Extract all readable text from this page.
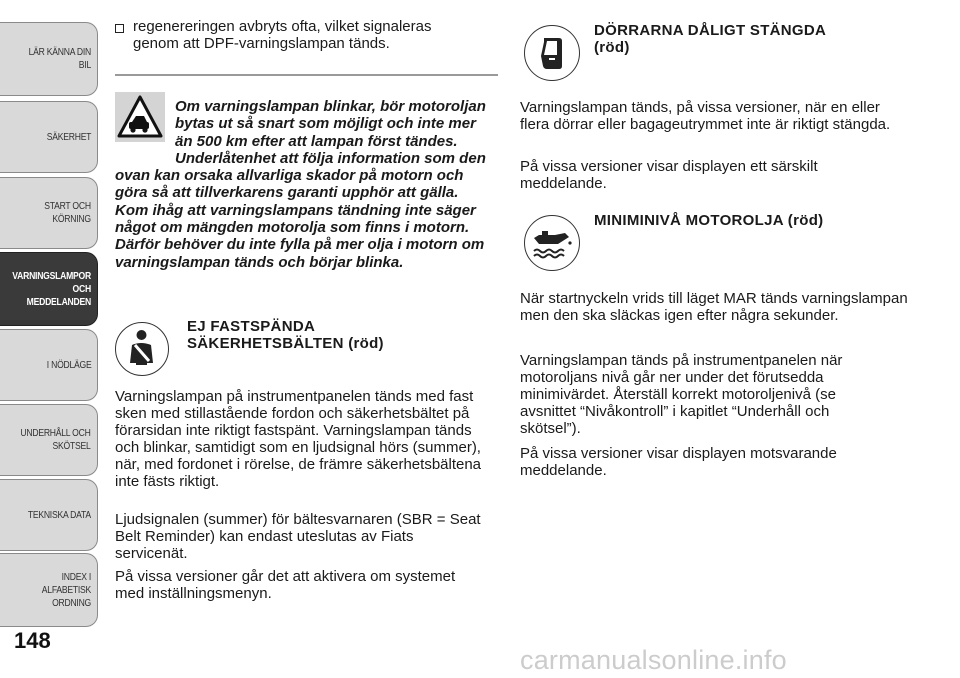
LÄR KÄNNA DIN BIL
SÄKERHET
START OCH
KÖRNING
VARNINGSLAMPOR
OCH
MEDDELANDEN
I NÖDLÄGE
UNDERHÅLL OCH
SKÖTSEL
TEKNISKA DATA
INDEX I ALFABETISK
ORDNING
148

regenereringen avbryts ofta, vilket signaleras genom att DPF-varningslampan tänds.

Om varningslampan blinkar, bör motoroljan bytas ut så snart som möjligt och inte mer än 500 km efter att lampan först tändes. Underlåtenhet att följa information som den ovan kan orsaka allvarliga skador på motorn och göra så att tillverkarens garanti upphör att gälla. Kom ihåg att varningslampans tändning inte säger något om mängden motorolja som finns i motorn. Därför behöver du inte fylla på mer olja i motorn om varningslampan tänds och börjar blinka.

EJ FASTSPÄNDA

SÄKERHETSBÄLTEN (röd)

Varningslampan på instrumentpanelen tänds med fast sken med stillastående fordon och säkerhetsbältet på förarsidan inte riktigt fastspänt. Varningslampan tänds och blinkar, samtidigt som en ljudsignal hörs (summer), när, med fordonet i rörelse, de främre säkerhetsbältena inte fästs riktigt.

Ljudsignalen (summer) för bältesvarnaren (SBR = Seat Belt Reminder) kan endast uteslutas av Fiats servicenät.

På vissa versioner går det att aktivera om systemet med inställningsmenyn.

DÖRRARNA DÅLIGT STÄNGDA

(röd)

Varningslampan tänds, på vissa versioner, när en eller flera dörrar eller bagageutrymmet inte är riktigt stängda.

På vissa versioner visar displayen ett särskilt meddelande.

MINIMINIVÅ MOTOROLJA (röd)

När startnyckeln vrids till läget MAR tänds varningslampan men den ska släckas igen efter några sekunder.

Varningslampan tänds på instrumentpanelen när motoroljans nivå går ner under det förutsedda minimivärdet. Återställ korrekt motoroljenivå (se avsnittet “Nivåkontroll” i kapitlet “Underhåll och skötsel”).

På vissa versioner visar displayen motsvarande meddelande.

carmanualsonline.info
